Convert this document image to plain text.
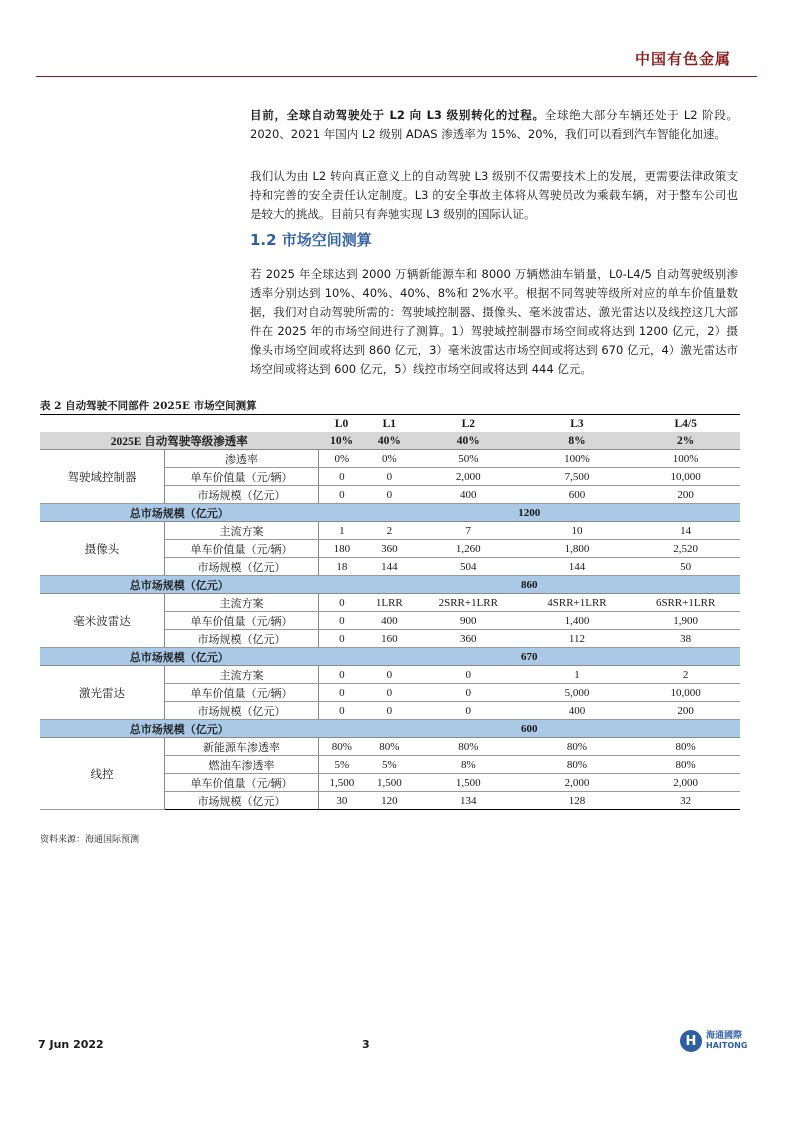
中国有色金属

目前，全球自动驾驶处于 L2 向 L3 级别转化的过程。全球绝大部分车辆还处于 L2 阶段。2020、2021 年国内 L2 级别 ADAS 渗透率为 15%、20%，我们可以看到汽车智能化加速。

我们认为由 L2 转向真正意义上的自动驾驶 L3 级别不仅需要技术上的发展，更需要法律政策支持和完善的安全责任认定制度。L3 的安全事故主体将从驾驶员改为乘载车辆，对于整车公司也是较大的挑战。目前只有奔驰实现 L3 级别的国际认证。

1.2 市场空间测算

若 2025 年全球达到 2000 万辆新能源车和 8000 万辆燃油车销量，L0-L4/5 自动驾驶级别渗透率分别达到 10%、40%、40%、8%和 2%水平。根据不同驾驶等级所对应的单车价值量数据，我们对自动驾驶所需的：驾驶域控制器、摄像头、毫米波雷达、激光雷达以及线控这几大部件在 2025 年的市场空间进行了测算。1）驾驶域控制器市场空间或将达到 1200 亿元，2）摄像头市场空间或将达到 860 亿元，3）毫米波雷达市场空间或将达到 670 亿元，4）激光雷达市场空间或将达到 600 亿元，5）线控市场空间或将达到 444 亿元。

表 2 自动驾驶不同部件 2025E 市场空间测算
		L0	L1	L2	L3	L4/5
2025E 自动驾驶等级渗透率		10%	40%	40%	8%	2%
驾驶域控制器	渗透率	0%	0%	50%	100%	100%
	单车价值量（元/辆）	0	0	2,000	7,500	10,000
	市场规模（亿元）	0	0	400	600	200
总市场规模（亿元）		1200				
摄像头	主流方案	1	2	7	10	14
	单车价值量（元/辆）	180	360	1,260	1,800	2,520
	市场规模（亿元）	18	144	504	144	50
总市场规模（亿元）		860				
毫米波雷达	主流方案	0	1LRR	2SRR+1LRR	4SRR+1LRR	6SRR+1LRR
	单车价值量（元/辆）	0	400	900	1,400	1,900
	市场规模（亿元）	0	160	360	112	38
总市场规模（亿元）		670				
激光雷达	主流方案	0	0	0	1	2
	单车价值量（元/辆）	0	0	0	5,000	10,000
	市场规模（亿元）	0	0	0	400	200
总市场规模（亿元）		600				
线控	新能源车渗透率	80%	80%	80%	80%	80%
	燃油车渗透率	5%	5%	8%	80%	80%
	单车价值量（元/辆）	1,500	1,500	1,500	2,000	2,000
	市场规模（亿元）	30	120	134	128	32
资料来源：海通国际预测
7 Jun 2022	3	H	海通國際
HAITONG
